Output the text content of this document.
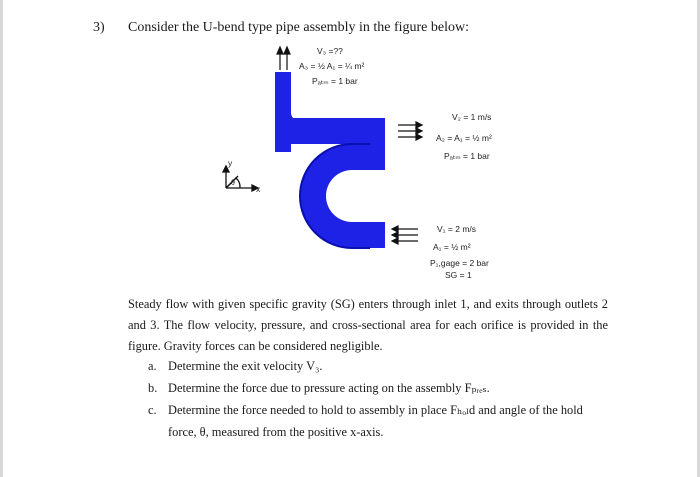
3) Consider the U-bend type pipe assembly in the figure below:
V₃ =??
A₃ = ½ A₁ = ¼ m²
Pₐₜₘ = 1 bar
V₂ = 1 m/s
A₂ = A₁ = ½ m²
Pₐₜₘ = 1 bar
V₁ = 2 m/s
A₁ = ½ m²
P₁,gage = 2 bar
SG = 1
y
x
θ
Steady flow with given specific gravity (SG) enters through inlet 1, and exits through outlets 2 and 3. The flow velocity, pressure, and cross-sectional area for each orifice is provided in the figure. Gravity forces can be considered negligible.
a. Determine the exit velocity V₃.
b. Determine the force due to pressure acting on the assembly Fₚᵣₑₛ.
c. Determine the force needed to hold to assembly in place Fₕₒₗd and angle of the hold
force, θ, measured from the positive x-axis.
